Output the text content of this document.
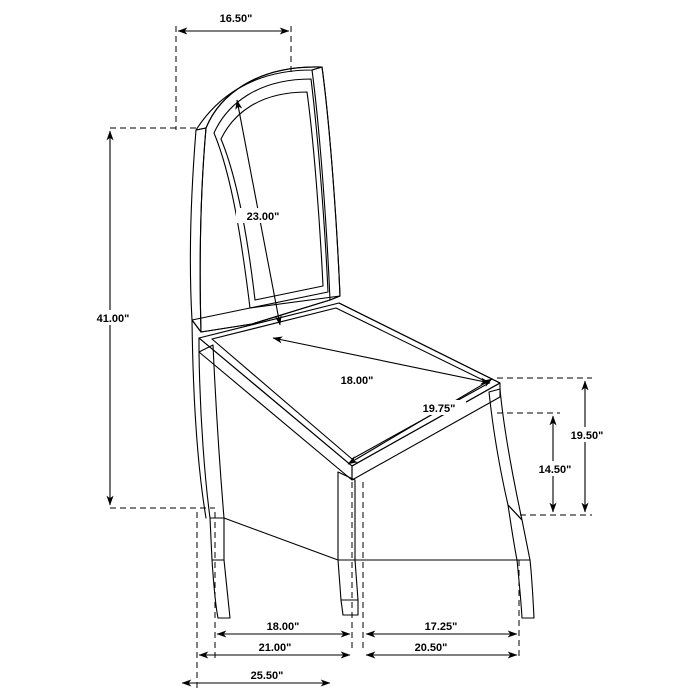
16.50"
41.00"
23.00"
18.00"
19.75"
19.50"
14.50"
18.00"	17.25"
21.00"	20.50"
25.50"
